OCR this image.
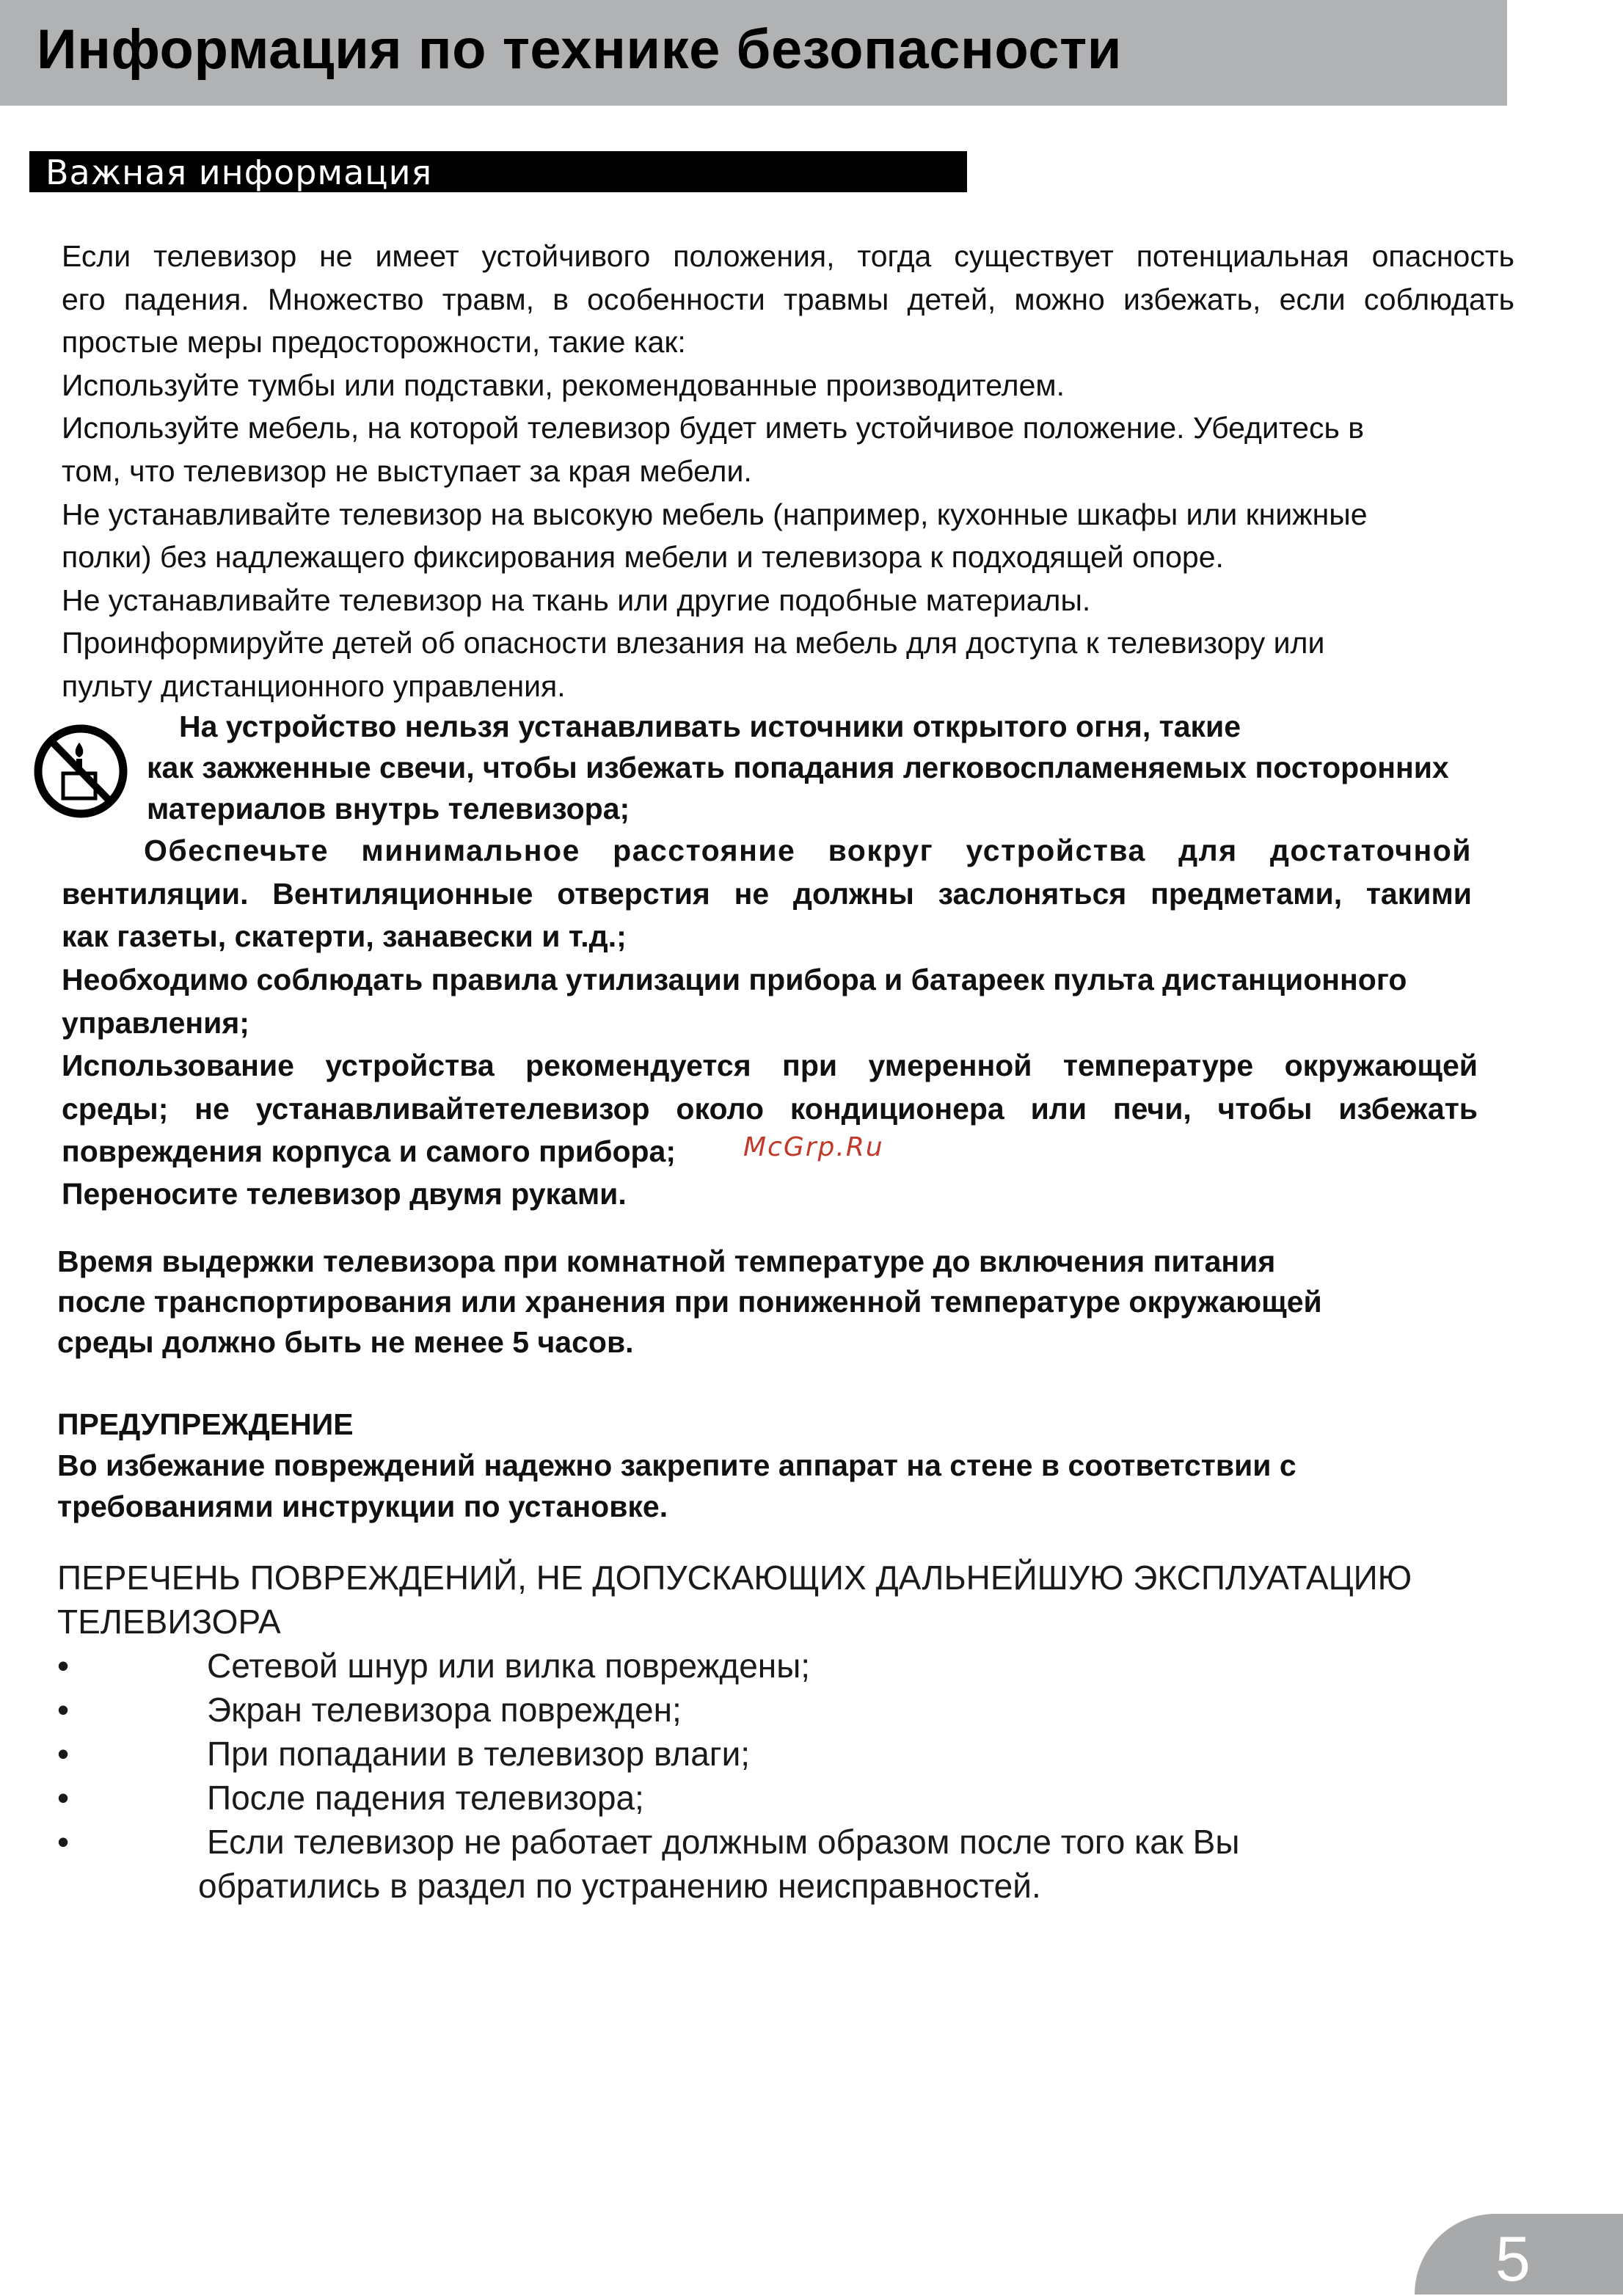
Информация по технике безопасности
Важная информация
Если телевизор не имеет устойчивого положения, тогда существует потенциальная опасность
его падения. Множество травм, в особенности травмы детей, можно избежать, если соблюдать
простые меры предосторожности, такие как:
Используйте тумбы или подставки, рекомендованные производителем.
Используйте мебель, на которой телевизор будет иметь устойчивое положение. Убедитесь в
том, что телевизор не выступает за края мебели.
Не устанавливайте телевизор на высокую мебель (например, кухонные шкафы или книжные
полки) без надлежащего фиксирования мебели и телевизора к подходящей опоре.
Не устанавливайте телевизор на ткань или другие подобные материалы.
Проинформируйте детей об опасности влезания на мебель для доступа к телевизору или
пульту дистанционного управления.
На устройство нельзя устанавливать источники открытого огня, такие
как зажженные свечи, чтобы избежать попадания легковоспламеняемых посторонних
материалов внутрь телевизора;
Обеспечьте минимальное расстояние вокруг устройства для достаточной
вентиляции. Вентиляционные отверстия не должны заслоняться предметами, такими
как газеты, скатерти, занавески и т.д.;
Необходимо соблюдать правила утилизации прибора и батареек пульта дистанционного
управления;
Использование устройства рекомендуется при умеренной температуре окружающей
среды; не устанавливайтетелевизор около кондиционера или печи, чтобы избежать
повреждения корпуса и самого прибора;	McGrp.Ru
Переносите телевизор двумя руками.
Время выдержки телевизора при комнатной температуре до включения питания
после транспортирования или хранения при пониженной температуре окружающей
среды должно быть не менее 5 часов.
ПРЕДУПРЕЖДЕНИЕ
Во избежание повреждений надежно закрепите аппарат на стене в соответствии с
требованиями инструкции по установке.
ПЕРЕЧЕНЬ ПОВРЕЖДЕНИЙ, НЕ ДОПУСКАЮЩИХ ДАЛЬНЕЙШУЮ ЭКСПЛУАТАЦИЮ
ТЕЛЕВИЗОРА
•	Сетевой шнур или вилка повреждены;
•	Экран телевизора поврежден;
•	При попадании в телевизор влаги;
•	После падения телевизора;
•	Если телевизор не работает должным образом после того как Вы
обратились в раздел по устранению неисправностей.
5
